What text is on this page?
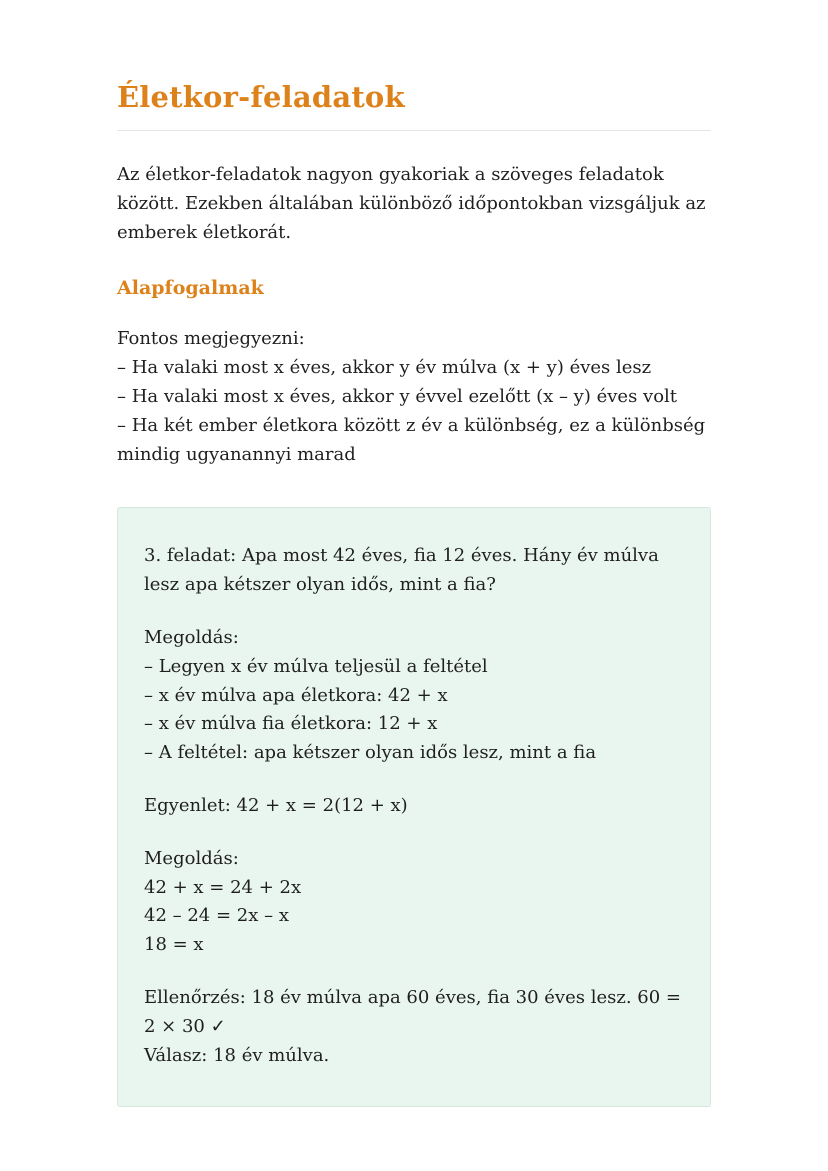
Életkor-feladatok

Az életkor-feladatok nagyon gyakoriak a szöveges feladatok között. Ezekben általában különböző időpontokban vizsgáljuk az emberek életkorát.

Alapfogalmak
Fontos megjegyezni:
– Ha valaki most x éves, akkor y év múlva (x + y) éves lesz
– Ha valaki most x éves, akkor y évvel ezelőtt (x – y) éves volt
– Ha két ember életkora között z év a különbség, ez a különbség mindig ugyanannyi marad

3. feladat: Apa most 42 éves, fia 12 éves. Hány év múlva lesz apa kétszer olyan idős, mint a fia?

Megoldás:
– Legyen x év múlva teljesül a feltétel
– x év múlva apa életkora: 42 + x
– x év múlva fia életkora: 12 + x
– A feltétel: apa kétszer olyan idős lesz, mint a fia

Egyenlet: 42 + x = 2(12 + x)

Megoldás:
42 + x = 24 + 2x
42 – 24 = 2x – x
18 = x
Ellenőrzés: 18 év múlva apa 60 éves, fia 30 éves lesz. 60 = 2 × 30 ✓
Válasz: 18 év múlva.
